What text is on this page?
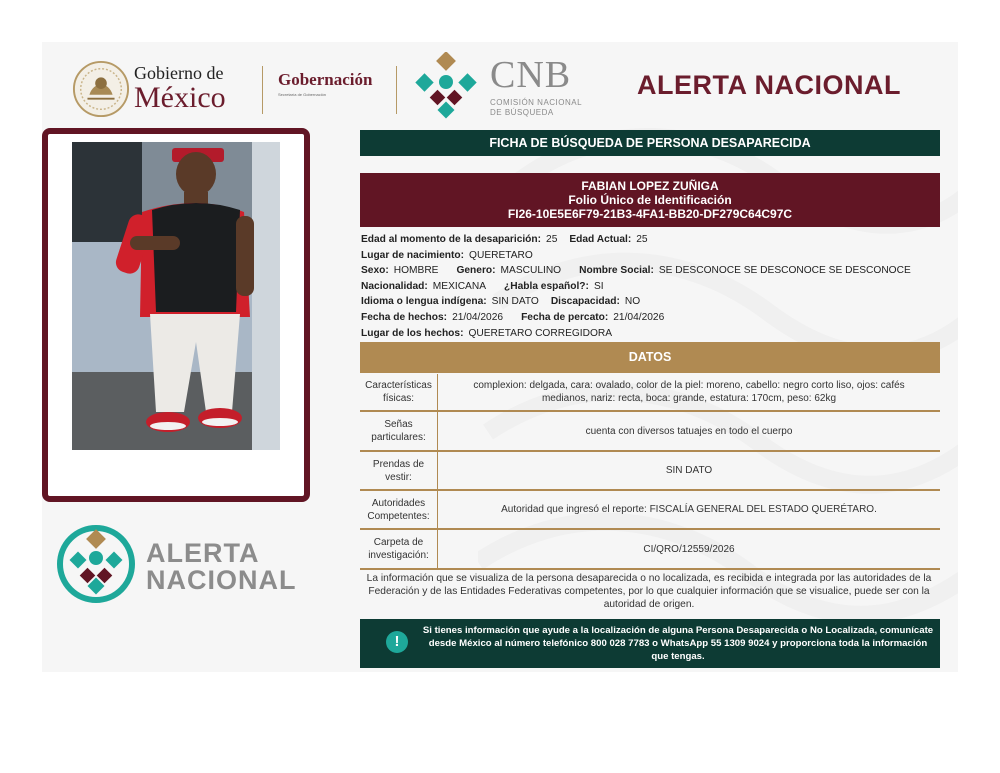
Gobierno de
México
Gobernación
Secretaría de Gobernación	CNB
COMISIÓN NACIONAL
DE BÚSQUEDA
ALERTA NACIONAL
ALERTA
NACIONAL
FICHA DE BÚSQUEDA DE PERSONA DESAPARECIDA
FABIAN LOPEZ ZUÑIGA
Folio Único de Identificación
FI26-10E5E6F79-21B3-4FA1-BB20-DF279C64C97C
Edad al momento de la desaparición: 25 Edad Actual: 25
Lugar de nacimiento: QUERETARO
Sexo: HOMBRE Genero: MASCULINO Nombre Social: SE DESCONOCE SE DESCONOCE SE DESCONOCE
Nacionalidad: MEXICANA ¿Habla español?: SI
Idioma o lengua indígena: SIN DATO Discapacidad: NO
Fecha de hechos: 21/04/2026 Fecha de percato: 21/04/2026
Lugar de los hechos: QUERETARO CORREGIDORA
DATOS
Características físicas:
complexion: delgada, cara: ovalado, color de la piel: moreno, cabello: negro corto liso, ojos: cafés medianos, nariz: recta, boca: grande, estatura: 170cm, peso: 62kg
Señas particulares:
cuenta con diversos tatuajes en todo el cuerpo
Prendas de vestir:
SIN DATO
Autoridades Competentes:
Autoridad que ingresó el reporte: FISCALÍA GENERAL DEL ESTADO QUERÉTARO.
Carpeta de investigación:
CI/QRO/12559/2026
La información que se visualiza de la persona desaparecida o no localizada, es recibida e integrada por las autoridades de la Federación y de las Entidades Federativas competentes, por lo que cualquier información que se visualice, puede ser con la autoridad de origen.
!
Si tienes información que ayude a la localización de alguna Persona Desaparecida o No Localizada, comunícate desde México al número telefónico 800 028 7783 o WhatsApp 55 1309 9024 y proporciona toda la información que tengas.
